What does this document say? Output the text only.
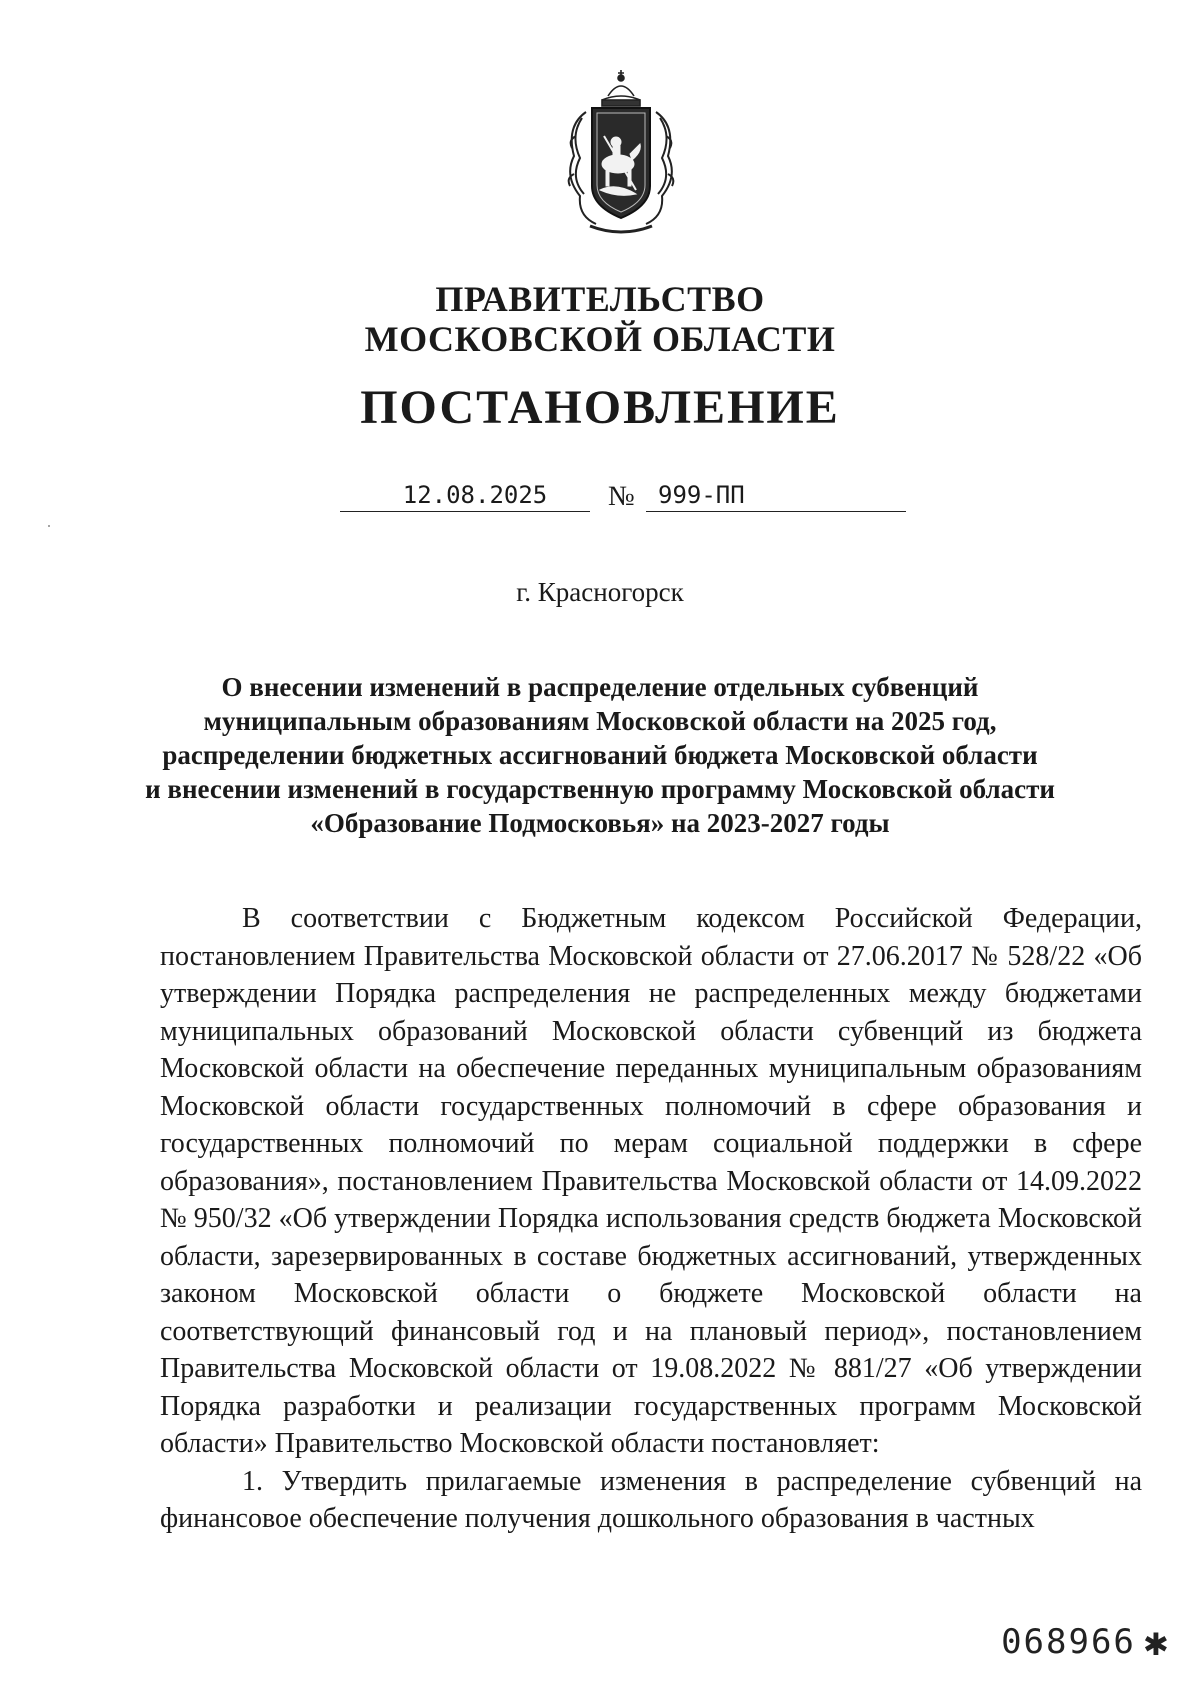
ПРАВИТЕЛЬСТВО
МОСКОВСКОЙ ОБЛАСТИ
ПОСТАНОВЛЕНИЕ
12.08.2025	№ 999-ПП
г. Красногорск
О внесении изменений в распределение отдельных субвенций
муниципальным образованиям Московской области на 2025 год,
распределении бюджетных ассигнований бюджета Московской области
и внесении изменений в государственную программу Московской области
«Образование Подмосковья» на 2023-2027 годы

В соответствии с Бюджетным кодексом Российской Федерации, постановлением Правительства Московской области от 27.06.2017 № 528/22 «Об утверждении Порядка распределения не распределенных между бюджетами муниципальных образований Московской области субвенций из бюджета Московской области на обеспечение переданных муниципальным образованиям Московской области государственных полномочий в сфере образования и государственных полномочий по мерам социальной поддержки в сфере образования», постановлением Правительства Московской области от 14.09.2022 № 950/32 «Об утверждении Порядка использования средств бюджета Московской области, зарезервированных в составе бюджетных ассигнований, утвержденных законом Московской области о бюджете Московской области на соответствующий финансовый год и на плановый период», постановлением Правительства Московской области от 19.08.2022 № 881/27 «Об утверждении Порядка разработки и реализации государственных программ Московской области» Правительство Московской области постановляет:

1. Утвердить прилагаемые изменения в распределение субвенций на финансовое обеспечение получения дошкольного образования в частных

068966 ✱
